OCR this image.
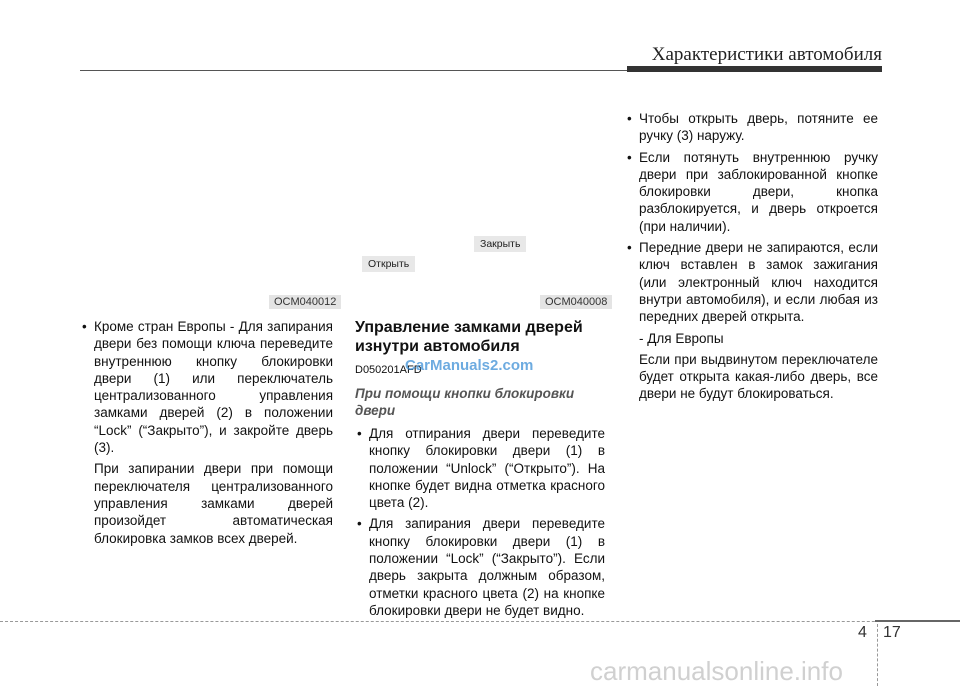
Характеристики автомобиля
Закрыть
Открыть
OCM040012	OCM040008

• Кроме стран Европы - Для запирания двери без помощи ключа переведите внутреннюю кнопку блокировки двери (1) или переключатель централизованного управления замками дверей (2) в положении “Lock” (“Закрыто”), и закройте дверь (3).

При запирании двери при помощи переключателя централизованного управления замками дверей произойдет автоматическая блокировка замков всех дверей.

Управление замками дверей изнутри автомобиля

D050201AFD
CarManuals2.com

При помощи кнопки блокировки двери

• Для отпирания двери переведите кнопку блокировки двери (1) в положении “Unlock” (“Открыто”). На кнопке будет видна отметка красного цвета (2).

• Для запирания двери переведите кнопку блокировки двери (1) в положении “Lock” (“Закрыто”). Если дверь закрыта должным образом, отметки красного цвета (2) на кнопке блокировки двери не будет видно.

• Чтобы открыть дверь, потяните ее ручку (3) наружу.

• Если потянуть внутреннюю ручку двери при заблокированной кнопке блокировки двери, кнопка разблокируется, и дверь откроется (при наличии).

• Передние двери не запираются, если ключ вставлен в замок зажигания (или электронный ключ находится внутри автомобиля), и если любая из передних дверей открыта.

- Для Европы

Если при выдвинутом переключателе будет открыта какая-либо дверь, все двери не будут блокироваться.

4 17
carmanualsonline.info
